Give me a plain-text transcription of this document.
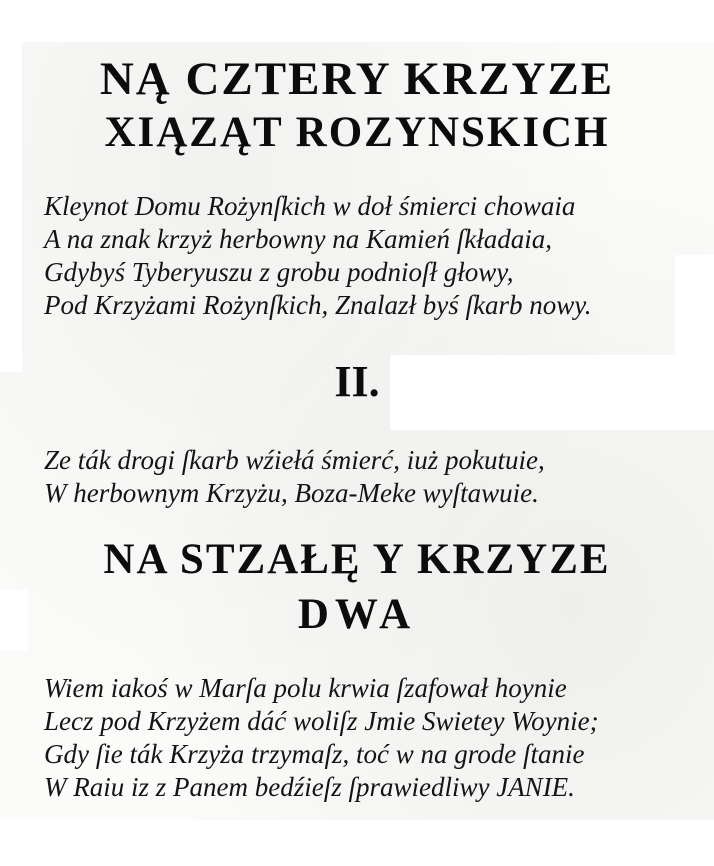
NĄ CZTERY KRZYZE
XIĄZĄT ROZYNSKICH
Kleynot Domu Rożynſkich w doł śmierci chowaia
A na znak krzyż herbowny na Kamień ſkładaia,
Gdybyś Tyberyuszu z grobu podnioſł głowy,
Pod Krzyżami Rożynſkich, Znalazł byś ſkarb nowy.
II.
Ze ták drogi ſkarb wźiełá śmierć, iuż pokutuie,
W herbownym Krzyżu, Boza-Meke wyſtawuie.
NA STZAŁĘ Y KRZYZE
DWA
Wiem iakoś w Marſa polu krwia ſzafował hoynie
Lecz pod Krzyżem dáć woliſz Jmie Swietey Woynie;
Gdy ſie ták Krzyża trzymaſz, toć w na grode ſtanie
W Raiu iz z Panem bedźieſz ſprawiedliwy JANIE.
